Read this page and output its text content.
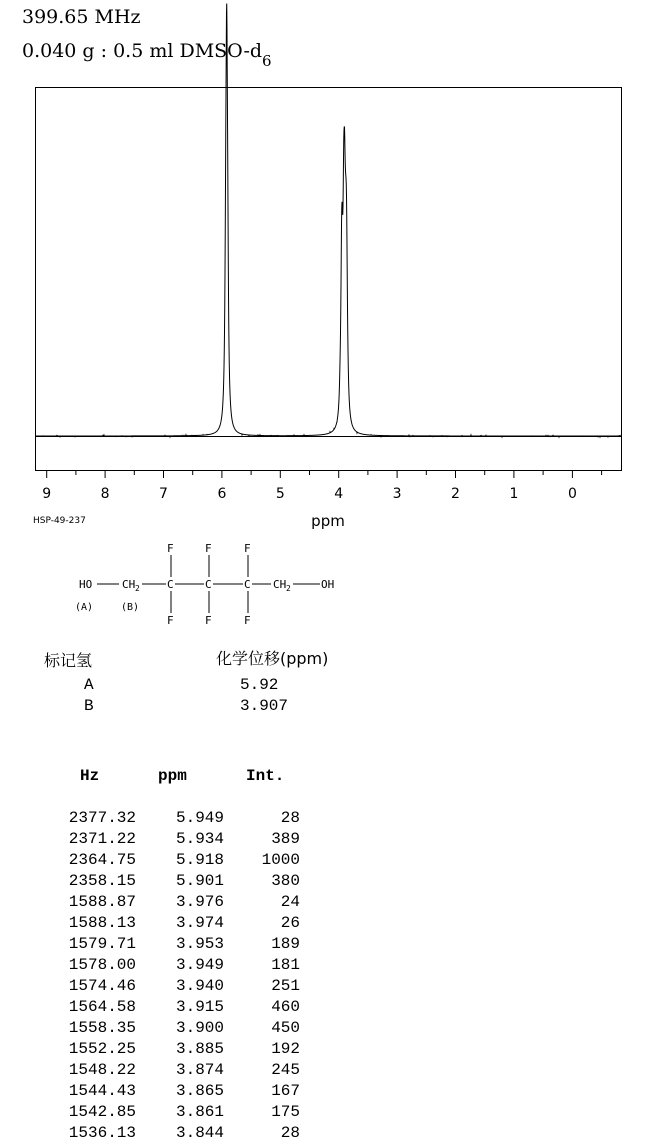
399.65 MHz
0.040 g : 0.5 ml DMSO-$d_6$
9	8	7	6	5	4	3	2	1	0
ppm
HSP-49-237
HO	CH 2 C	C	C CH 2	OH
F
F
F
F
F
F
(A)	(B)
标记氢	化学位移(ppm)
A	5.92
B	3.907
Hz	ppm	Int.
2377.32	5.949	28
2371.22	5.934	389
2364.75	5.918	1000
2358.15	5.901	380
1588.87	3.976	24
1588.13	3.974	26
1579.71	3.953	189
1578.00	3.949	181
1574.46	3.940	251
1564.58	3.915	460
1558.35	3.900	450
1552.25	3.885	192
1548.22	3.874	245
1544.43	3.865	167
1542.85	3.861	175
1536.13	3.844	28
